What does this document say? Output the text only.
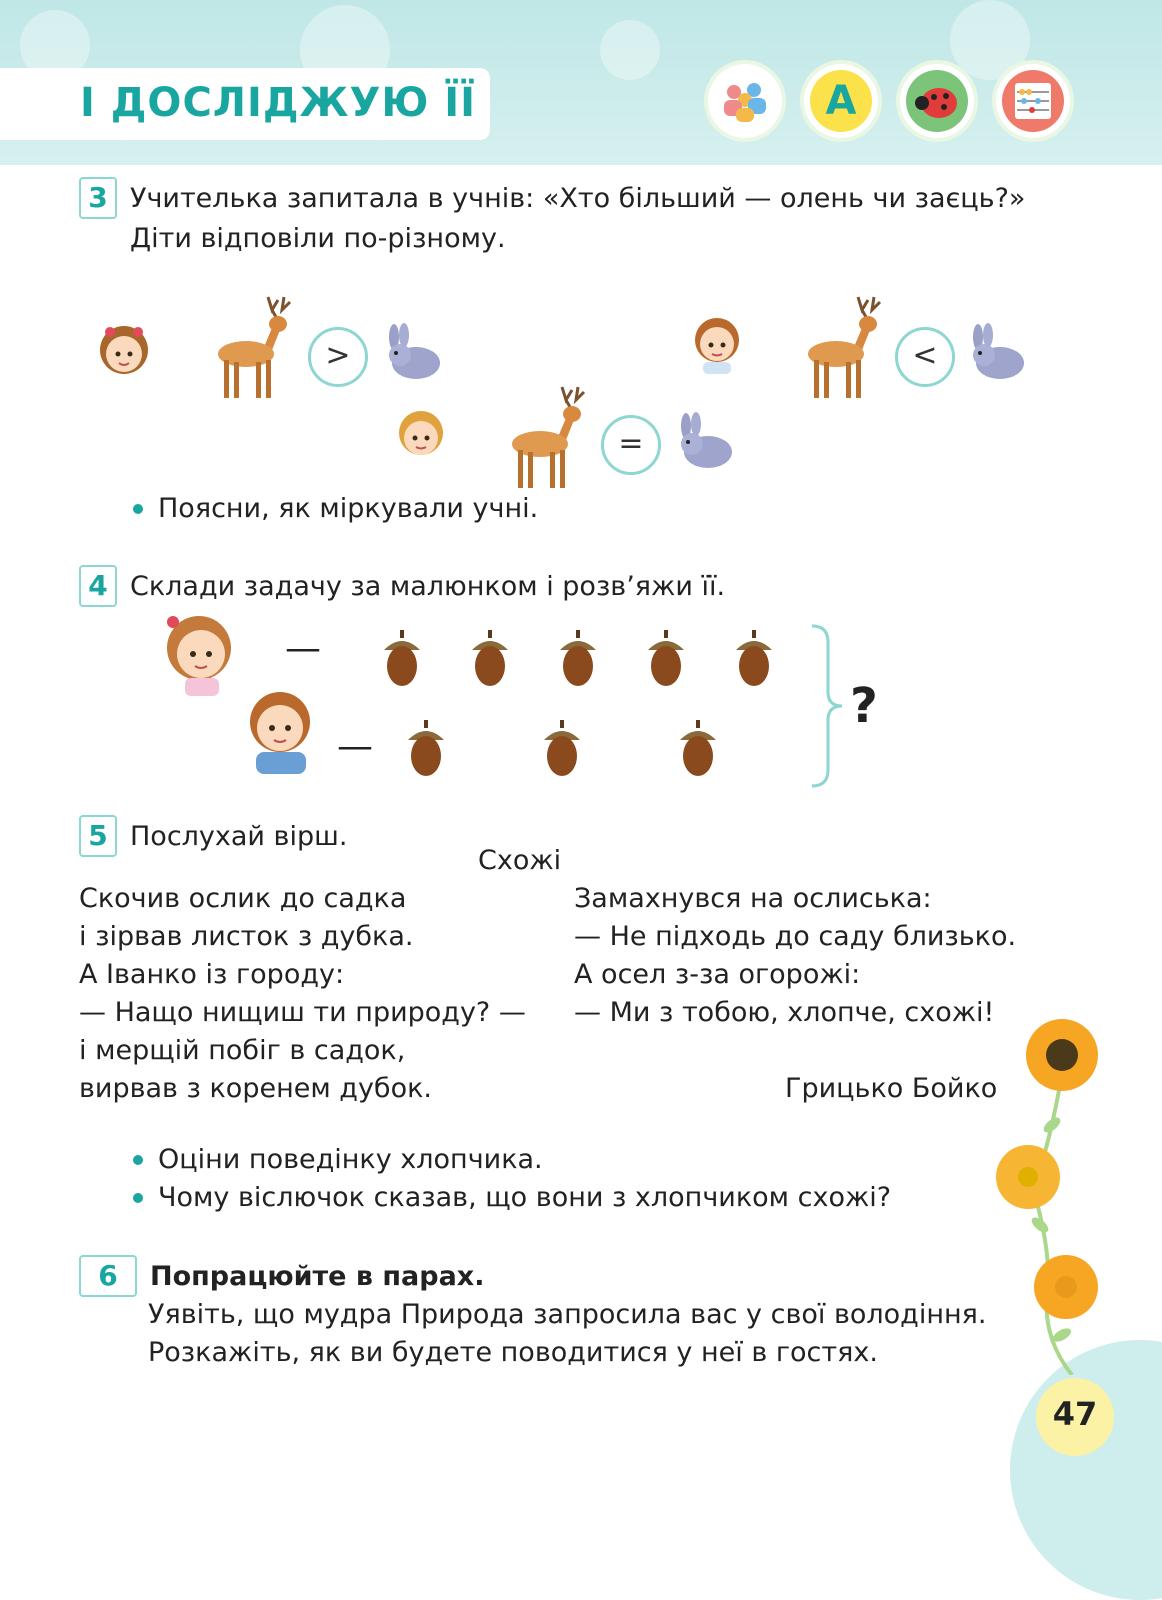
І ДОСЛІДЖУЮ ЇЇ	A
3 Учителька запитала в учнів: «Хто більший — олень чи заєць?»
Діти відповіли по-різному.
>	<
=
Поясни, як міркували учні.
4 Склади задачу за малюнком і розв’яжи її.
—
—
?
5 Послухай вірш.
Схожі
Скочив ослик до садка
і зірвав листок з дубка.
А Іванко із городу:
— Нащо нищиш ти природу? —
і мерщій побіг в садок,
вирвав з коренем дубок.
Замахнувся на ослиська:
— Не підходь до саду близько.
А осел з-за огорожі:
— Ми з тобою, хлопче, схожі!
Грицько Бойко
Оціни поведінку хлопчика.
Чому віслючок сказав, що вони з хлопчиком схожі?
6	Попрацюйте в парах.
Уявіть, що мудра Природа запросила вас у свої володіння.
Розкажіть, як ви будете поводитися у неї в гостях.
47
